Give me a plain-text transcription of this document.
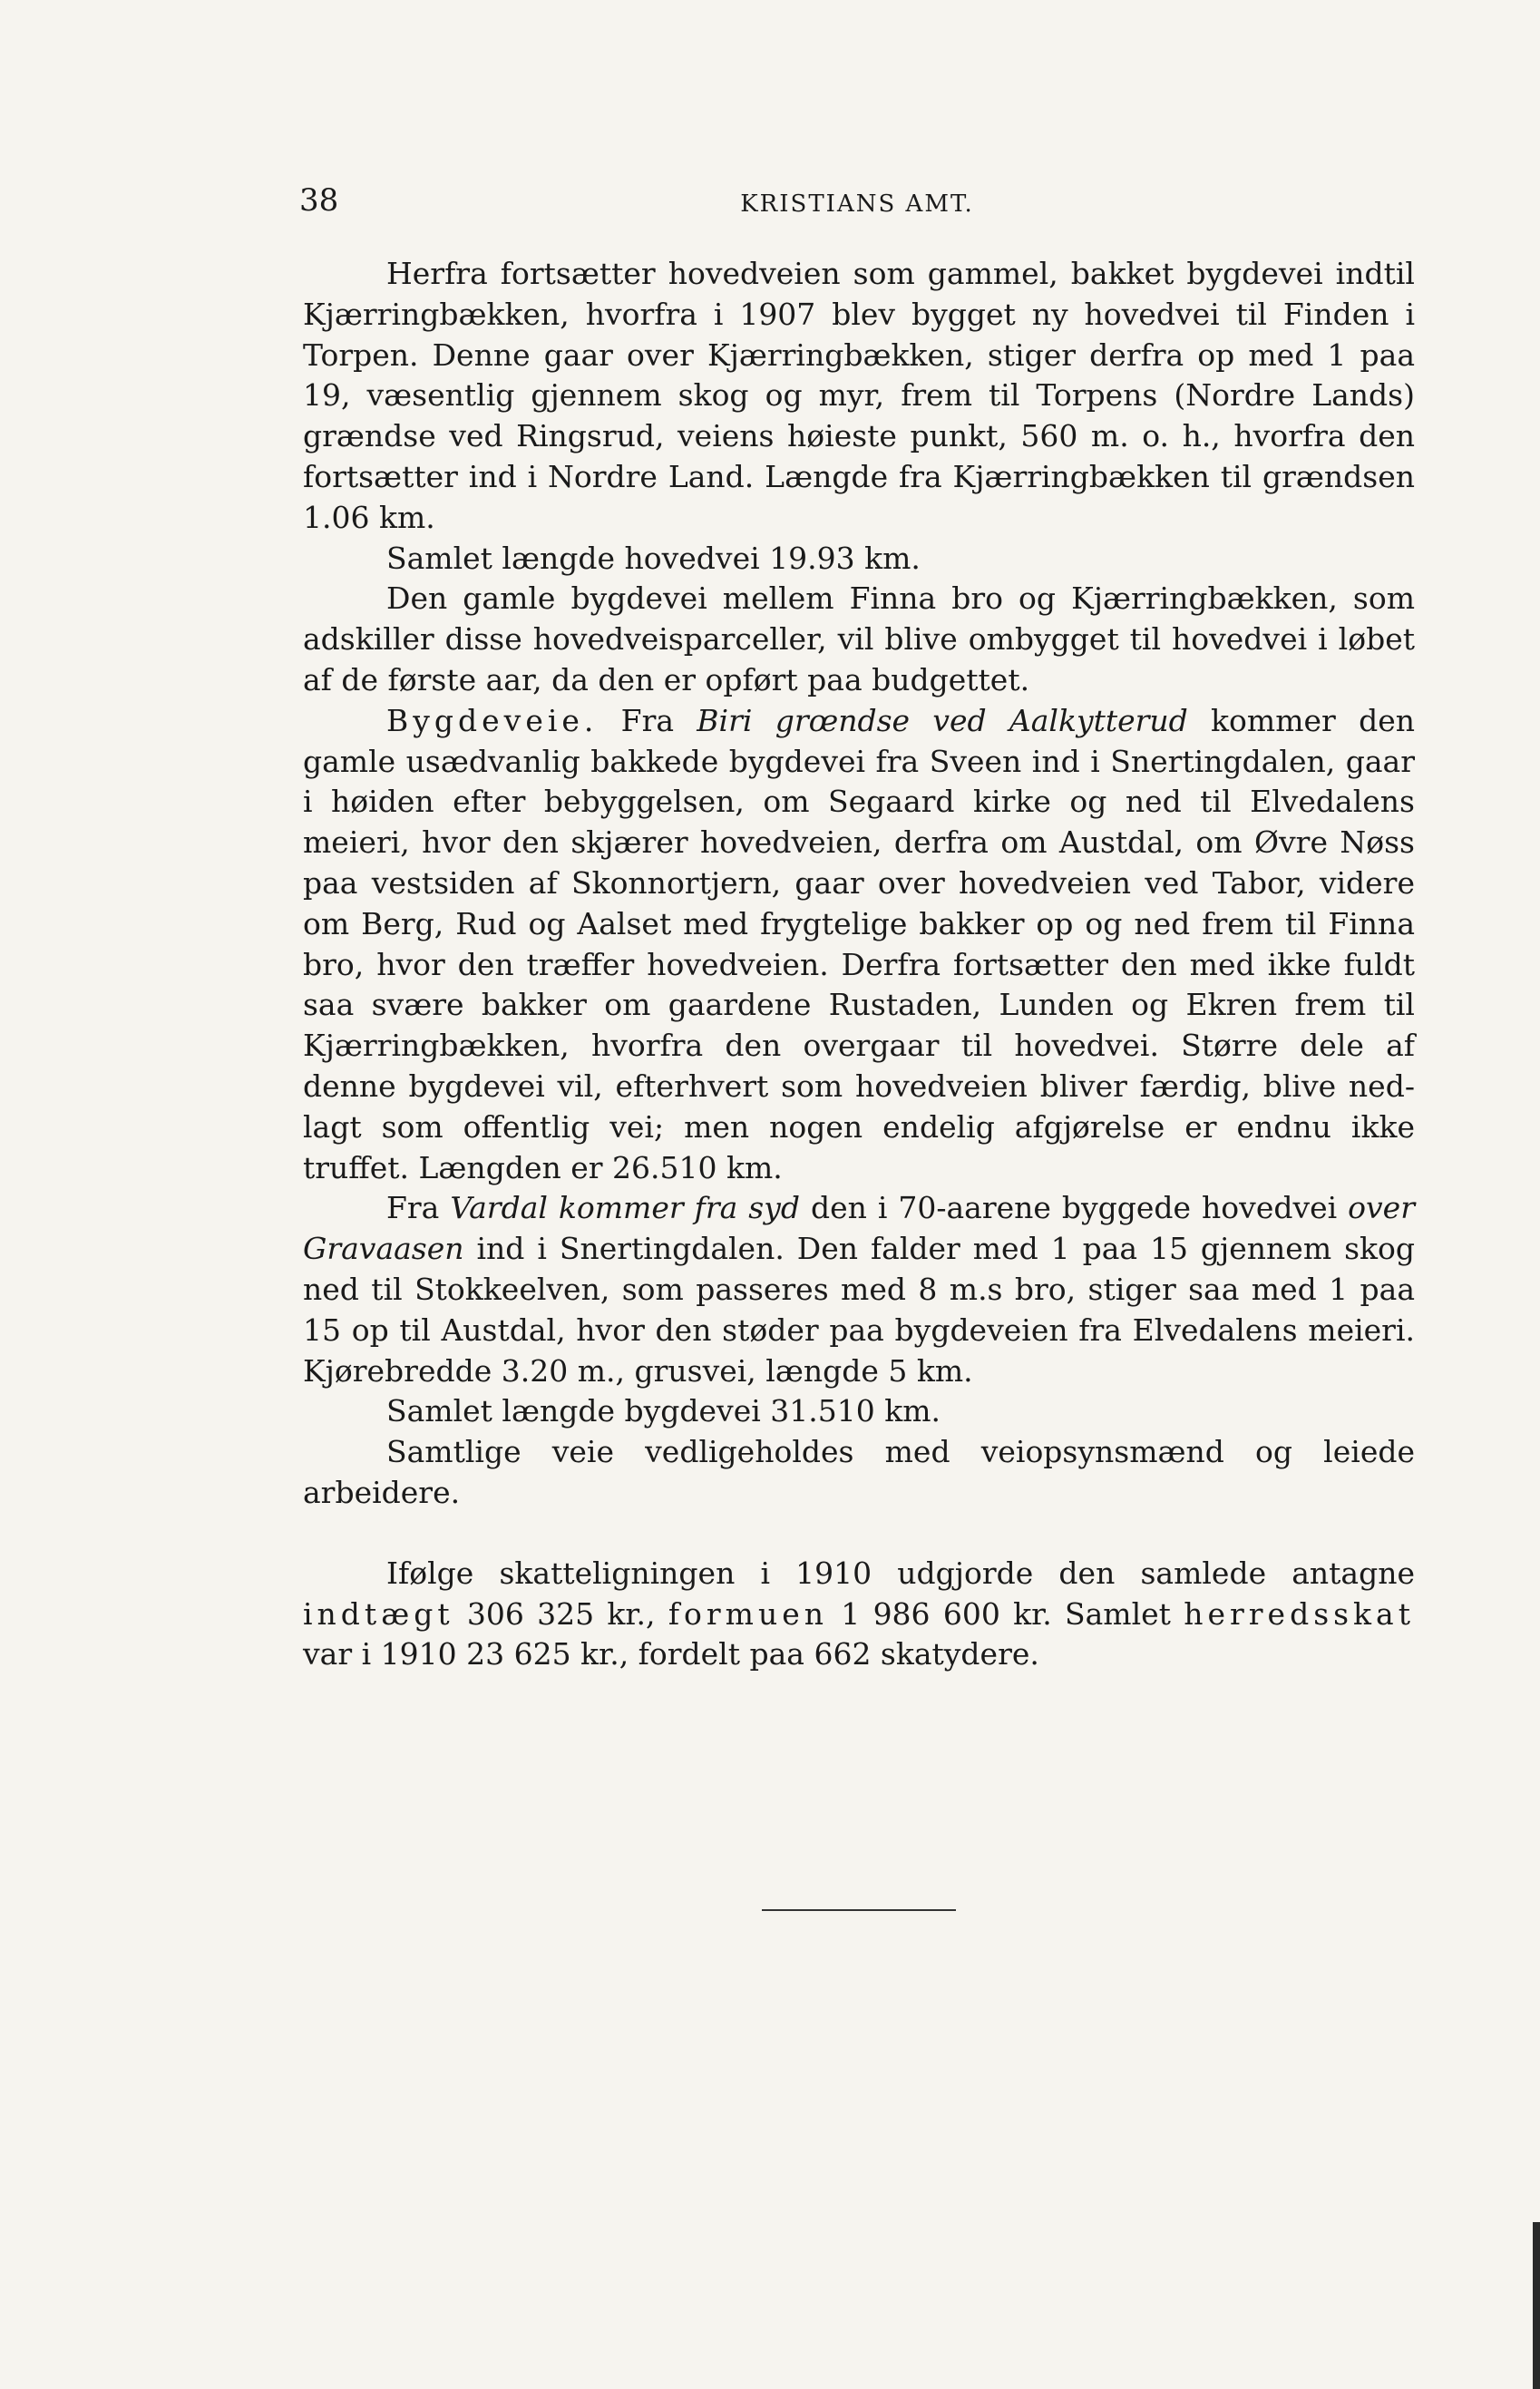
38	KRISTIANS AMT.

Herfra fortsætter hovedveien som gammel, bakket bygdevei indtil Kjærringbækken, hvorfra i 1907 blev bygget ny hovedvei til Finden i Torpen. Denne gaar over Kjærringbækken, stiger derfra op med 1 paa 19, væsentlig gjennem skog og myr, frem til Torpens (Nordre Lands) grændse ved Ringsrud, veiens høieste punkt, 560 m. o. h., hvorfra den fortsætter ind i Nordre Land. Længde fra Kjærringbækken til grændsen 1.06 km.

Samlet længde hovedvei 19.93 km.

Den gamle bygdevei mellem Finna bro og Kjærringbækken, som adskiller disse hovedveisparceller, vil blive ombygget til hovedvei i løbet af de første aar, da den er opført paa budgettet.

Bygdeveie. Fra Biri grœndse ved Aalkytterud kommer den gamle usædvanlig bakkede bygdevei fra Sveen ind i Snertingdalen, gaar i høiden efter bebyggelsen, om Segaard kirke og ned til Elvedalens meieri, hvor den skjærer hovedveien, derfra om Austdal, om Øvre Nøss paa vestsiden af Skonnortjern, gaar over hovedveien ved Tabor, videre om Berg, Rud og Aalset med frygtelige bakker op og ned frem til Finna bro, hvor den træffer hovedveien. Derfra fortsætter den med ikke fuldt saa svære bakker om gaardene Rustaden, Lunden og Ekren frem til Kjærringbækken, hvorfra den overgaar til hovedvei. Større dele af denne bygdevei vil, efterhvert som hovedveien bliver færdig, blive nedlagt som offentlig vei; men nogen endelig afgjørelse er endnu ikke truffet. Længden er 26.510 km.

Fra Vardal kommer fra syd den i 70-aarene byggede hovedvei over Gravaasen ind i Snertingdalen. Den falder med 1 paa 15 gjennem skog ned til Stokkeelven, som passeres med 8 m.s bro, stiger saa med 1 paa 15 op til Austdal, hvor den støder paa bygdeveien fra Elvedalens meieri. Kjørebredde 3.20 m., grusvei, længde 5 km.

Samlet længde bygdevei 31.510 km.

Samtlige veie vedligeholdes med veiopsynsmænd og leiede arbeidere.

Ifølge skatteligningen i 1910 udgjorde den samlede antagne indtægt 306 325 kr., formuen 1 986 600 kr. Samlet herredsskat var i 1910 23 625 kr., fordelt paa 662 skatydere.
